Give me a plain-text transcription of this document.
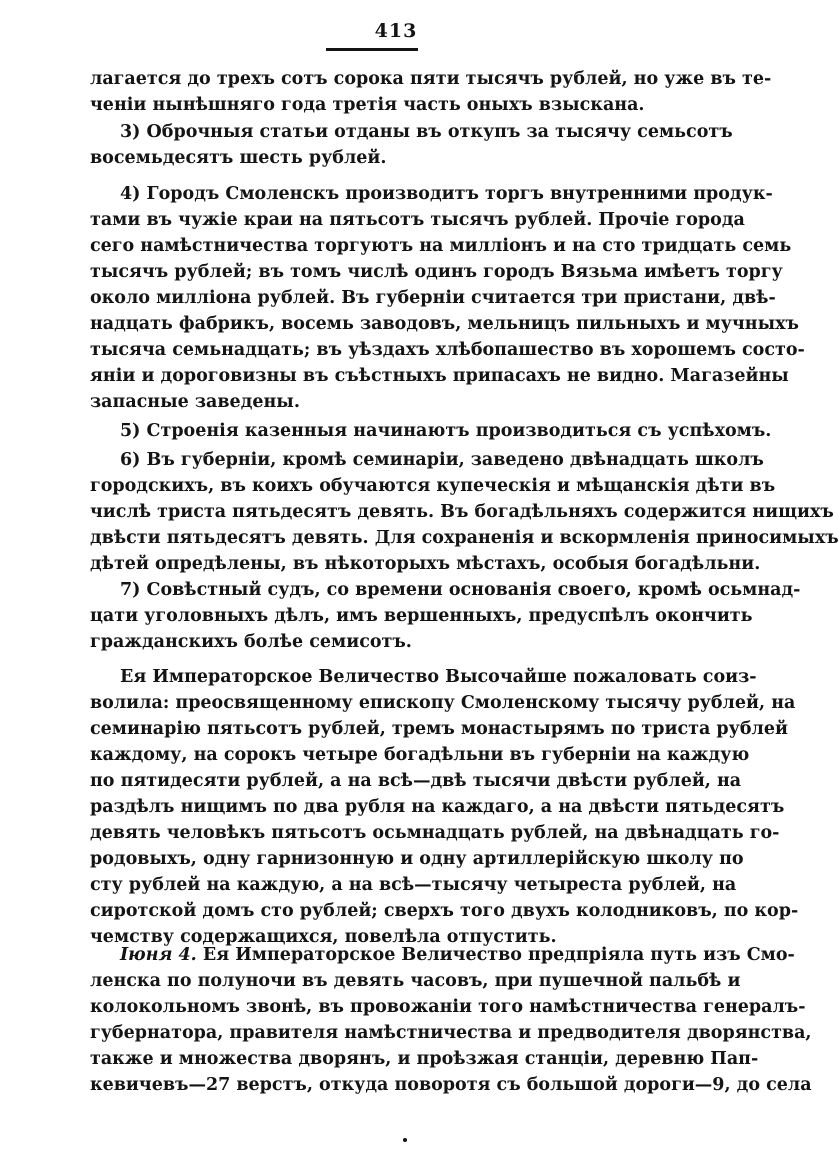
413
лагается до трехъ сотъ сорока пяти тысячъ рублей, но уже въ те-
ченіи нынѣшняго года третія часть оныхъ взыскана.
3) Оброчныя статьи отданы въ откупъ за тысячу семьсотъ
восемьдесятъ шесть рублей.
4) Городъ Смоленскъ производитъ торгъ внутренними продук-
тами въ чужіе краи на пятьсотъ тысячъ рублей. Прочіе города
сего намѣстничества торгуютъ на милліонъ и на сто тридцать семь
тысячъ рублей; въ томъ числѣ одинъ городъ Вязьма имѣетъ торгу
около милліона рублей. Въ губерніи считается три пристани, двѣ-
надцать фабрикъ, восемь заводовъ, мельницъ пильныхъ и мучныхъ
тысяча семьнадцать; въ уѣздахъ хлѣбопашество въ хорошемъ состо-
яніи и дороговизны въ съѣстныхъ припасахъ не видно. Магазейны
запасные заведены.
5) Строенія казенныя начинаютъ производиться съ успѣхомъ.
6) Въ губерніи, кромѣ семинаріи, заведено двѣнадцать школъ
городскихъ, въ коихъ обучаются купеческія и мѣщанскія дѣти въ
числѣ триста пятьдесятъ девять. Въ богадѣльняхъ содержится нищихъ
двѣсти пятьдесятъ девять. Для сохраненія и вскормленія приносимыхъ
дѣтей опредѣлены, въ нѣкоторыхъ мѣстахъ, особыя богадѣльни.
7) Совѣстный судъ, со времени основанія своего, кромѣ осьмнад-
цати уголовныхъ дѣлъ, имъ вершенныхъ, предуспѣлъ окончить
гражданскихъ болѣе семисотъ.
Ея Императорское Величество Высочайше пожаловать соиз-
волила: преосвященному епископу Смоленскому тысячу рублей, на
семинарію пятьсотъ рублей, тремъ монастырямъ по триста рублей
каждому, на сорокъ четыре богадѣльни въ губерніи на каждую
по пятидесяти рублей, а на всѣ—двѣ тысячи двѣсти рублей, на
раздѣлъ нищимъ по два рубля на каждаго, а на двѣсти пятьдесятъ
девять человѣкъ пятьсотъ осьмнадцать рублей, на двѣнадцать го-
родовыхъ, одну гарнизонную и одну артиллерійскую школу по
сту рублей на каждую, а на всѣ—тысячу четыреста рублей, на
сиротской домъ сто рублей; сверхъ того двухъ колодниковъ, по кор-
чемству содержащихся, повелѣла отпустить.
Іюня 4. Ея Императорское Величество предпріяла путь изъ Смо-
ленска по полуночи въ девять часовъ, при пушечной пальбѣ и
колокольномъ звонѣ, въ провожаніи того намѣстничества генералъ-
губернатора, правителя намѣстничества и предводителя дворянства,
также и множества дворянъ, и проѣзжая станціи, деревню Пап-
кевичевъ—27 верстъ, откуда поворотя съ большой дороги—9, до села
